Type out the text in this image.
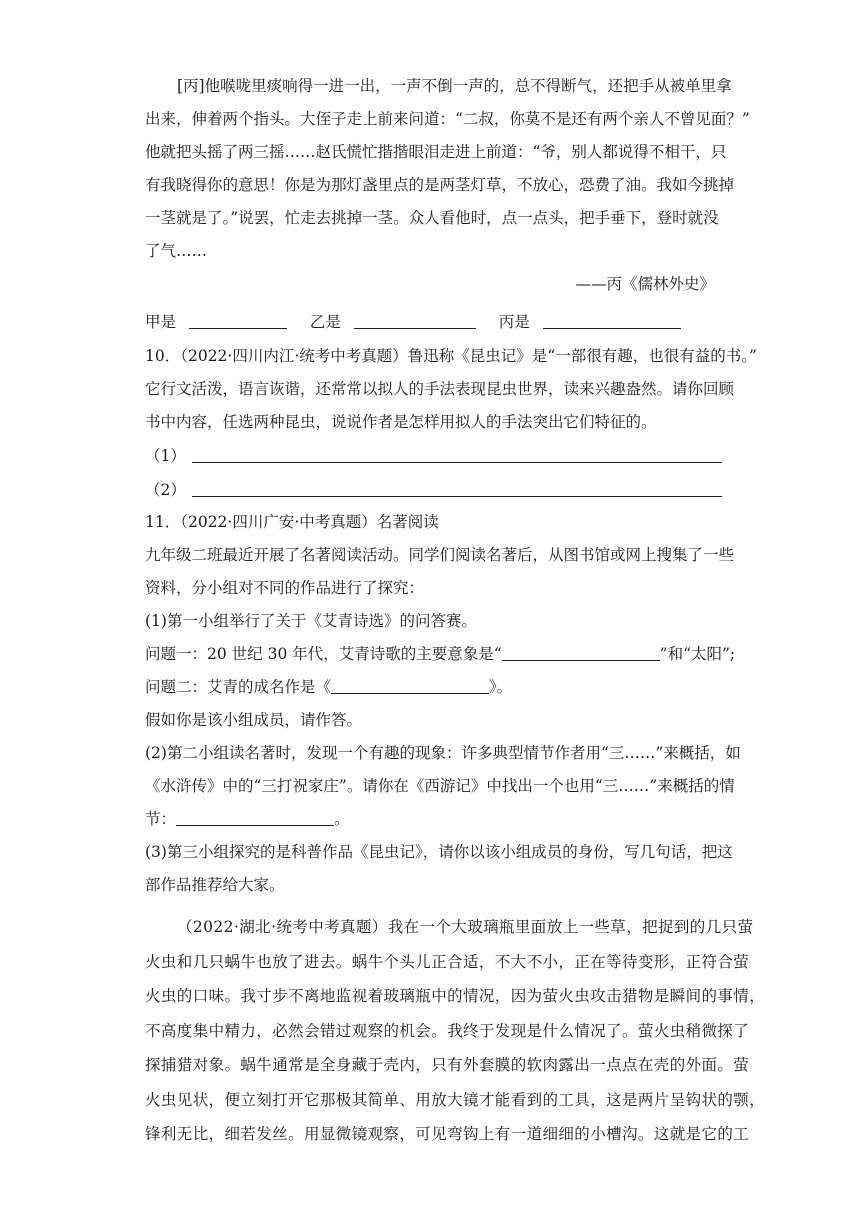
[丙]他喉咙里痰响得一进一出，一声不倒一声的，总不得断气，还把手从被单里拿
出来，伸着两个指头。大侄子走上前来问道：“二叔，你莫不是还有两个亲人不曾见面？”
他就把头摇了两三摇……赵氏慌忙揩揩眼泪走进上前道：“爷，别人都说得不相干，只
有我晓得你的意思！你是为那灯盏里点的是两茎灯草，不放心，恐费了油。我如今挑掉
一茎就是了。”说罢，忙走去挑掉一茎。众人看他时，点一点头，把手垂下，登时就没
了气……
——丙《儒林外史》
甲是	乙是	丙是
10．（2022·四川内江·统考中考真题）鲁迅称《昆虫记》是“一部很有趣，也很有益的书。”
它行文活泼，语言诙谐，还常常以拟人的手法表现昆虫世界，读来兴趣盎然。请你回顾
书中内容，任选两种昆虫，说说作者是怎样用拟人的手法突出它们特征的。
（1）
（2）
11．（2022·四川广安·中考真题）名著阅读
九年级二班最近开展了名著阅读活动。同学们阅读名著后，从图书馆或网上搜集了一些
资料，分小组对不同的作品进行了探究：
(1)第一小组举行了关于《艾青诗选》的问答赛。
问题一：20 世纪 30 年代，艾青诗歌的主要意象是“	”和“太阳”;
问题二：艾青的成名作是《	》。
假如你是该小组成员，请作答。
(2)第二小组读名著时，发现一个有趣的现象：许多典型情节作者用“三……”来概括，如
《水浒传》中的“三打祝家庄”。请你在《西游记》中找出一个也用“三……”来概括的情
节：	。
(3)第三小组探究的是科普作品《昆虫记》，请你以该小组成员的身份，写几句话，把这
部作品推荐给大家。
（2022·湖北·统考中考真题）我在一个大玻璃瓶里面放上一些草，把捉到的几只萤
火虫和几只蜗牛也放了进去。蜗牛个头儿正合适，不大不小，正在等待变形，正符合萤
火虫的口味。我寸步不离地监视着玻璃瓶中的情况，因为萤火虫攻击猎物是瞬间的事情，
不高度集中精力，必然会错过观察的机会。我终于发现是什么情况了。萤火虫稍微探了
探捕猎对象。蜗牛通常是全身藏于壳内，只有外套膜的软肉露出一点点在壳的外面。萤
火虫见状，便立刻打开它那极其简单、用放大镜才能看到的工具，这是两片呈钩状的颚，
锋利无比，细若发丝。用显微镜观察，可见弯钩上有一道细细的小槽沟。这就是它的工
